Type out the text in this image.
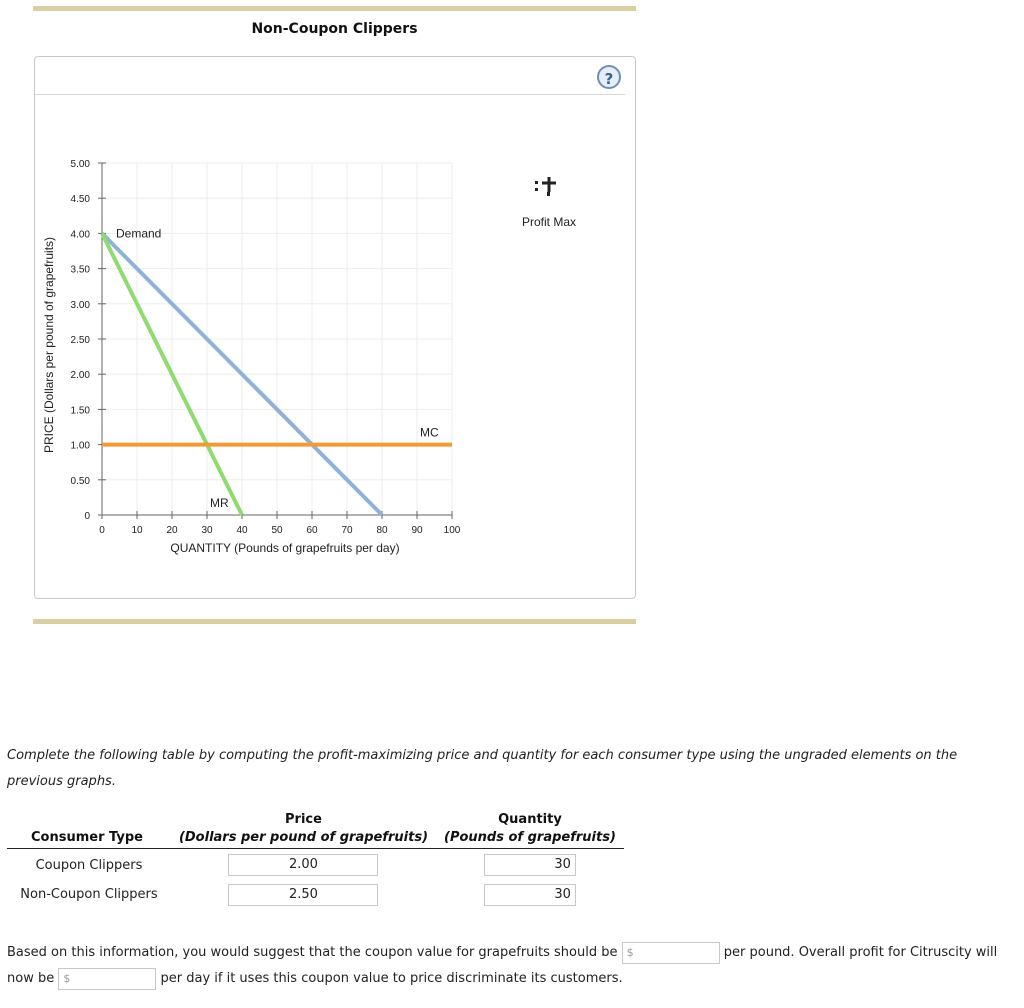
Non-Coupon Clippers
?
0	10 20 30 40 50 60 70 80 90 100
0
0.50
1.00
1.50
2.00
2.50
3.00
3.50
4.00
4.50
5.00
QUANTITY (Pounds of grapefruits per day)
PRICE (Dollars per pound of grapefruits)
Demand
MR
MC
Profit Max
Complete the following table by computing the profit-maximizing price and quantity for each consumer type using the ungraded elements on the previous graphs.
	Price	Quantity
Consumer Type	(Dollars per pound of grapefruits)	(Pounds of grapefruits)
Coupon Clippers	2.00	30
Non-Coupon Clippers	2.50	30
Based on this information, you would suggest that the coupon value for grapefruits should be $	per pound. Overall profit for Citruscity will now be $	per day if it uses this coupon value to price discriminate its customers.
